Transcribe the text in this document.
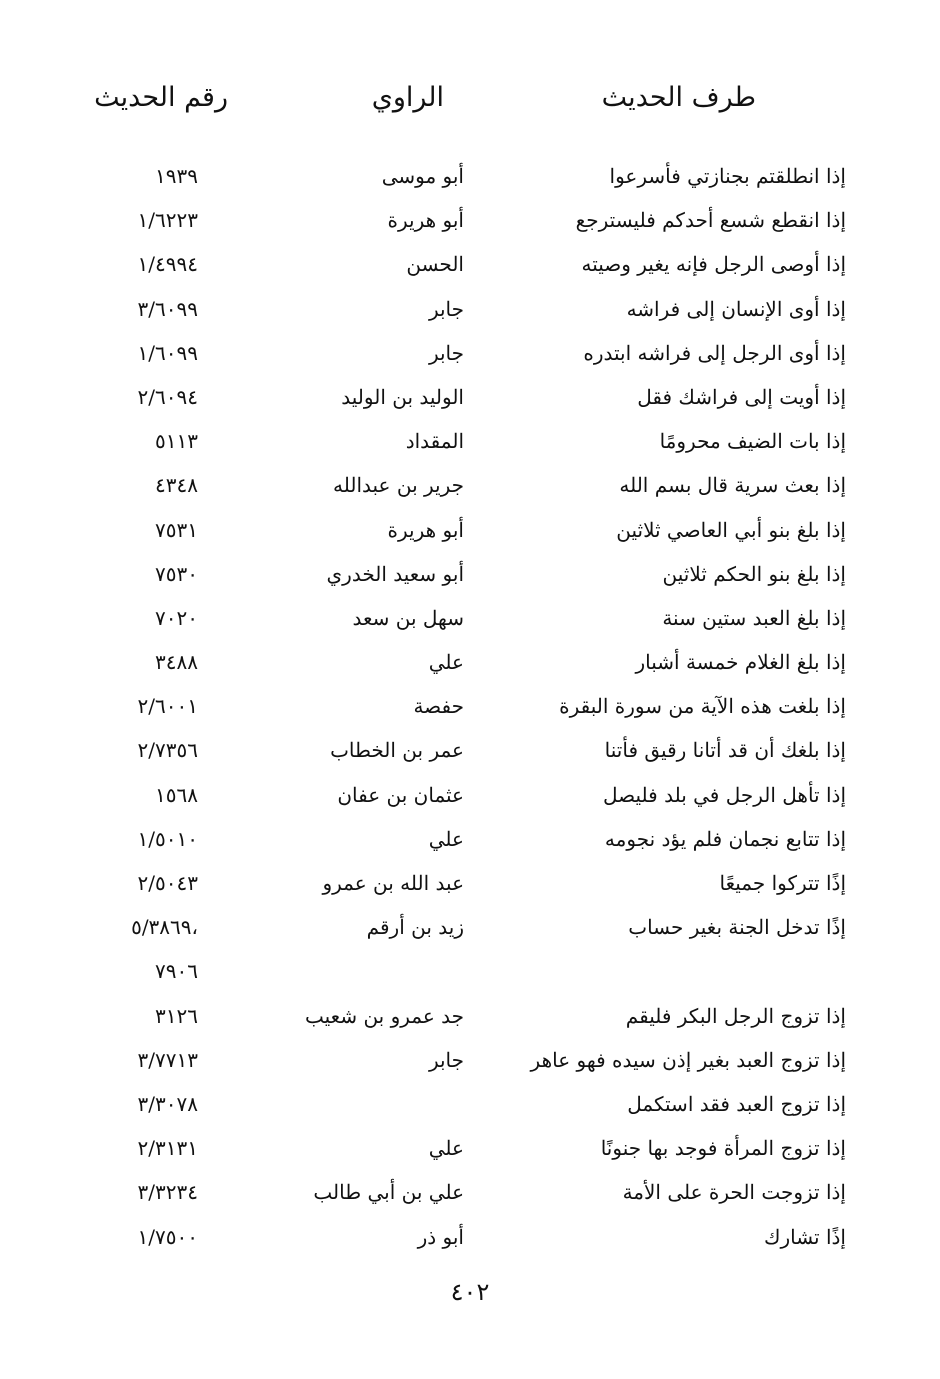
طرف الحديث
الراوي
رقم الحديث
إذا انطلقتم بجنازتي فأسرعوا
أبو موسى
١٩٣٩
إذا انقطع شسع أحدكم فليسترجع
أبو هريرة
١/٦٢٢٣
إذا أوصى الرجل فإنه يغير وصيته
الحسن
١/٤٩٩٤
إذا أوى الإنسان إلى فراشه
جابر
٣/٦٠٩٩
إذا أوى الرجل إلى فراشه ابتدره
جابر
١/٦٠٩٩
إذا أويت إلى فراشك فقل
الوليد بن الوليد
٢/٦٠٩٤
إذا بات الضيف محرومًا
المقداد
٥١١٣
إذا بعث سرية قال بسم الله
جرير بن عبدالله
٤٣٤٨
إذا بلغ بنو أبي العاصي ثلاثين
أبو هريرة
٧٥٣١
إذا بلغ بنو الحكم ثلاثين
أبو سعيد الخدري
٧٥٣٠
إذا بلغ العبد ستين سنة
سهل بن سعد
٧٠٢٠
إذا بلغ الغلام خمسة أشبار
علي
٣٤٨٨
إذا بلغت هذه الآية من سورة البقرة
حفصة
٢/٦٠٠١
إذا بلغك أن قد أتانا رقيق فأتنا
عمر بن الخطاب
٢/٧٣٥٦
إذا تأهل الرجل في بلد فليصل
عثمان بن عفان
١٥٦٨
إذا تتابع نجمان فلم يؤد نجومه
علي
١/٥٠١٠
إذًا تتركوا جميعًا
عبد الله بن عمرو
٢/٥٠٤٣
إذًا تدخل الجنة بغير حساب
زيد بن أرقم
٥/٣٨٦٩،
٧٩٠٦
إذا تزوج الرجل البكر فليقم
جد عمرو بن شعيب
٣١٢٦
إذا تزوج العبد بغير إذن سيده فهو عاهر
جابر
٣/٧٧١٣
إذا تزوج العبد فقد استكمل
٣/٣٠٧٨
إذا تزوج المرأة فوجد بها جنونًا
علي
٢/٣١٣١
إذا تزوجت الحرة على الأمة
علي بن أبي طالب
٣/٣٢٣٤
إذًا تشارك
أبو ذر
١/٧٥٠٠
٤٠٢
